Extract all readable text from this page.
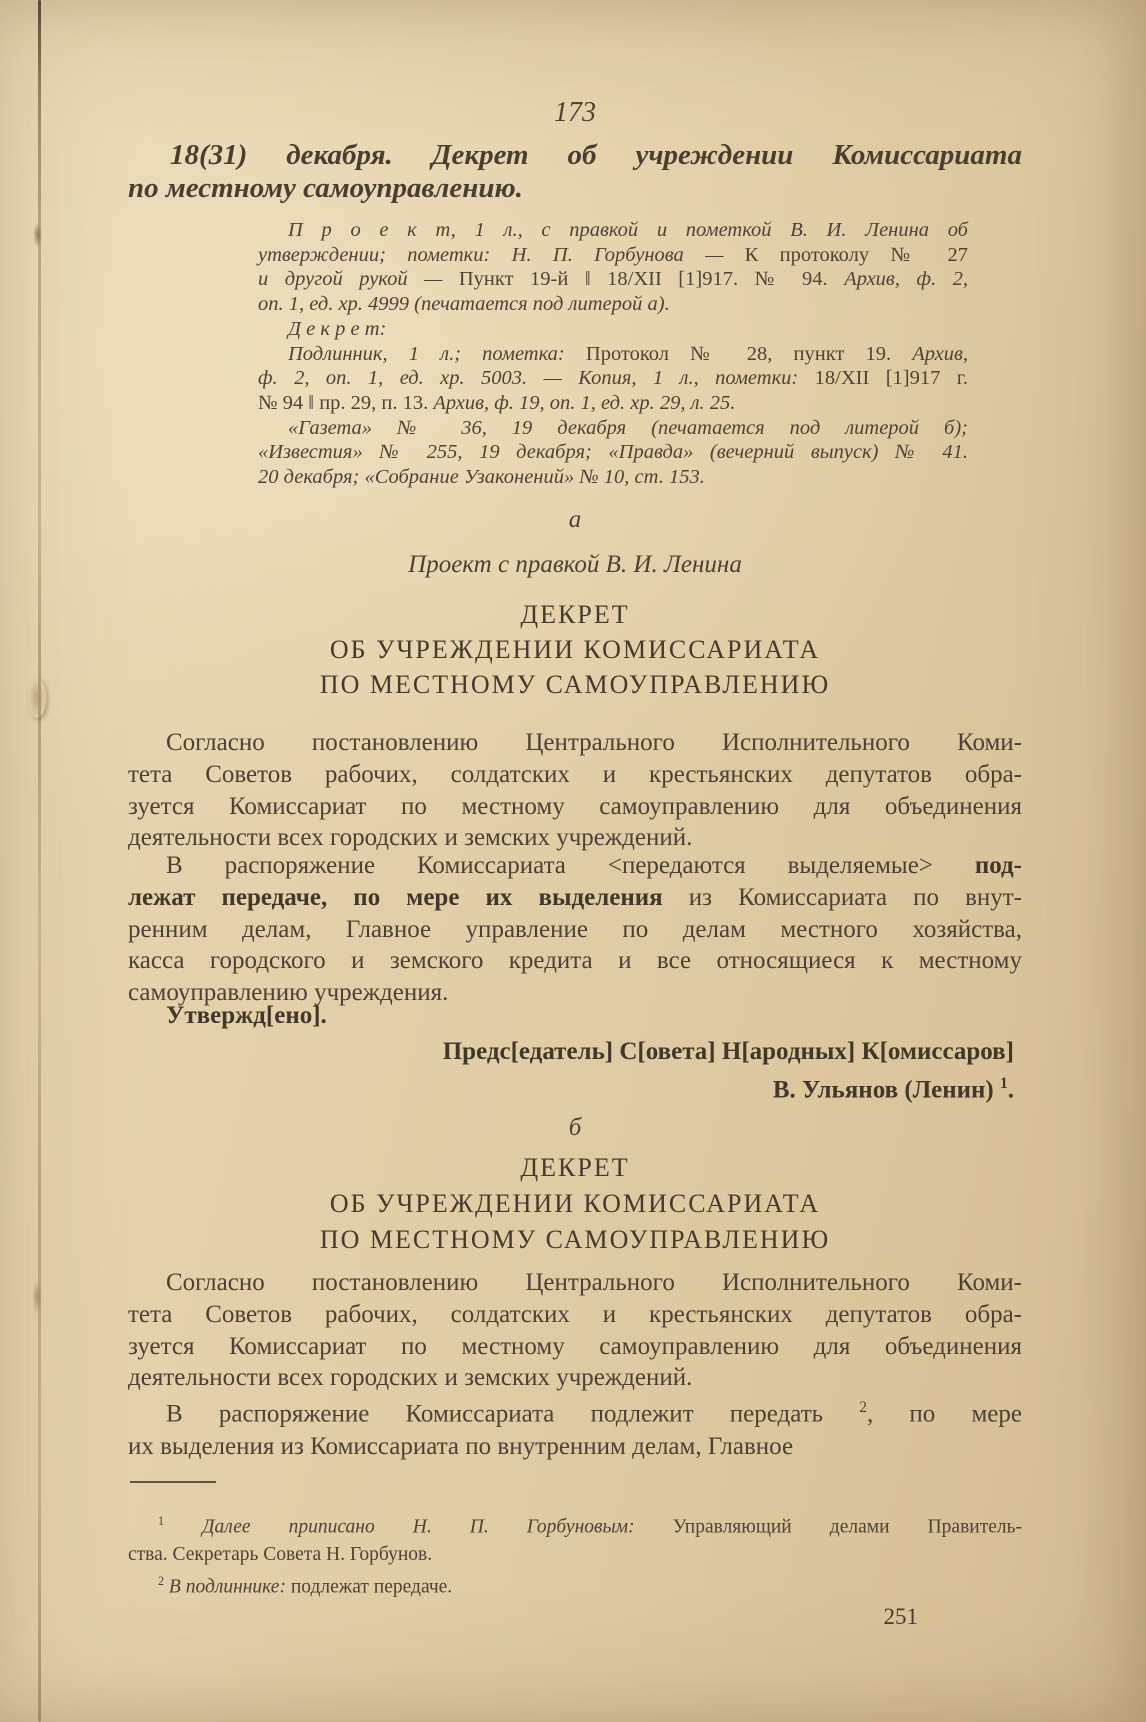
173
18(31) декабря. Декрет об учреждении Комиссариата
по местному самоуправлению.
П р о е к т, 1 л., с правкой и пометкой В. И. Ленина об
утверждении; пометки: Н. П. Горбунова — К протоколу № 27
и другой рукой — Пункт 19-й ‖ 18/XII [1]917. № 94. Архив, ф. 2,
оп. 1, ед. хр. 4999 (печатается под литерой а).
Д е к р е т:
Подлинник, 1 л.; пометка: Протокол № 28, пункт 19. Архив,
ф. 2, оп. 1, ед. хр. 5003. — Копия, 1 л., пометки: 18/XII [1]917 г.
№ 94 ‖ пр. 29, п. 13. Архив, ф. 19, оп. 1, ед. хр. 29, л. 25.
«Газета» № 36, 19 декабря (печатается под литерой б);
«Известия» № 255, 19 декабря; «Правда» (вечерний выпуск) № 41.
20 декабря; «Собрание Узаконений» № 10, ст. 153.
а
Проект с правкой В. И. Ленина
ДЕКРЕТ
ОБ УЧРЕЖДЕНИИ КОМИССАРИАТА
ПО МЕСТНОМУ САМОУПРАВЛЕНИЮ
Согласно постановлению Центрального Исполнительного Коми-
тета Советов рабочих, солдатских и крестьянских депутатов обра-
зуется Комиссариат по местному самоуправлению для объединения
деятельности всех городских и земских учреждений.
В распоряжение Комиссариата <передаются выделяемые> под-
лежат передаче, по мере их выделения из Комиссариата по внут-
ренним делам, Главное управление по делам местного хозяйства,
касса городского и земского кредита и все относящиеся к местному
самоуправлению учреждения.
Утвержд[ено].
Предс[едатель] С[овета] Н[ародных] К[омиссаров]
В. Ульянов (Ленин) $^1$.
б
ДЕКРЕТ
ОБ УЧРЕЖДЕНИИ КОМИССАРИАТА
ПО МЕСТНОМУ САМОУПРАВЛЕНИЮ
Согласно постановлению Центрального Исполнительного Коми-
тета Советов рабочих, солдатских и крестьянских депутатов обра-
зуется Комиссариат по местному самоуправлению для объединения
деятельности всех городских и земских учреждений.
В распоряжение Комиссариата подлежит передать $^2$, по мере
их выделения из Комиссариата по внутренним делам, Главное
$^1$ Далее приписано Н. П. Горбуновым: Управляющий делами Правитель-
ства. Секретарь Совета Н. Горбунов.
$^2$ В подлиннике: подлежат передаче.
251
